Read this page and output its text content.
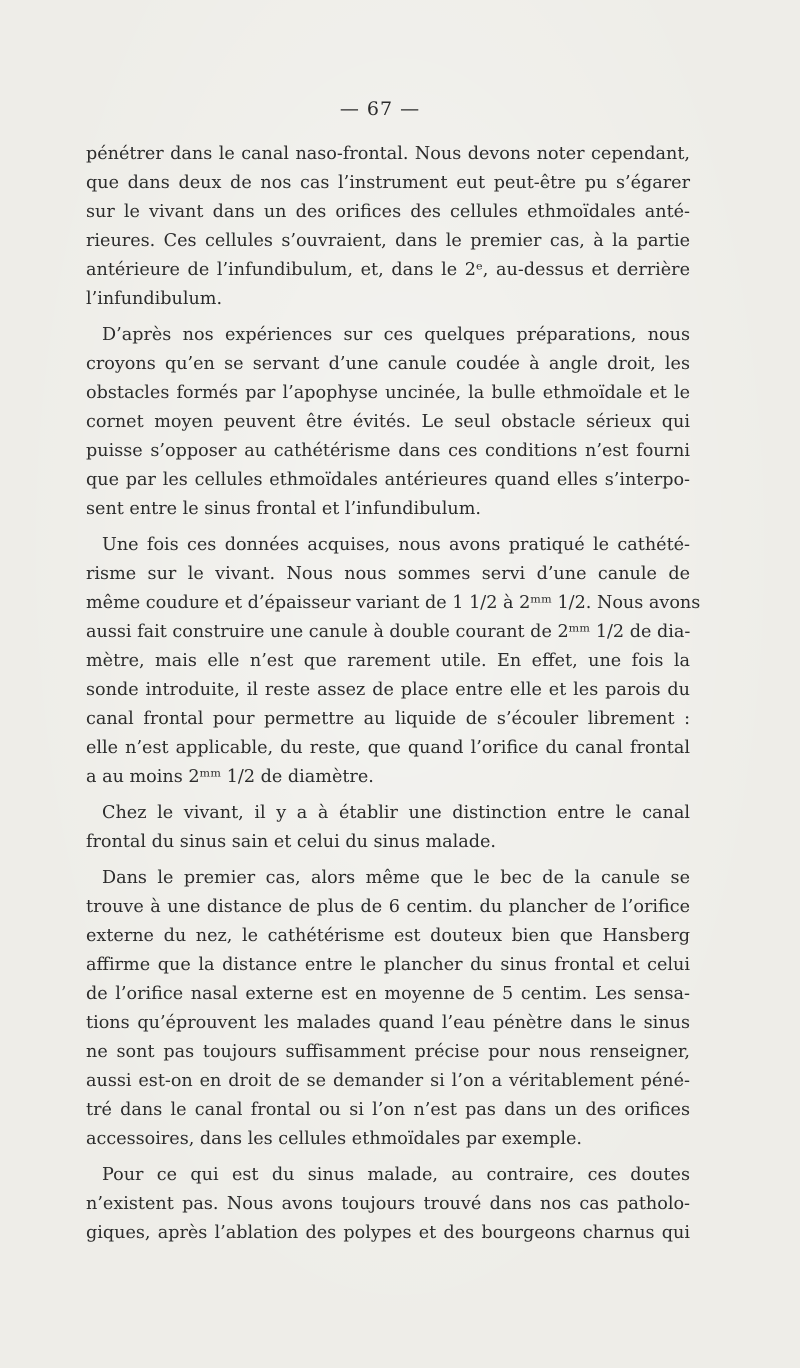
— 67 —
pénétrer dans le canal naso-frontal. Nous devons noter cependant,
que dans deux de nos cas l’instrument eut peut-être pu s’égarer
sur le vivant dans un des orifices des cellules ethmoïdales anté-
rieures. Ces cellules s’ouvraient, dans le premier cas, à la partie
antérieure de l’infundibulum, et, dans le 2ᵉ, au-dessus et derrière
l’infundibulum.
D’après nos expériences sur ces quelques préparations, nous
croyons qu’en se servant d’une canule coudée à angle droit, les
obstacles formés par l’apophyse uncinée, la bulle ethmoïdale et le
cornet moyen peuvent être évités. Le seul obstacle sérieux qui
puisse s’opposer au cathétérisme dans ces conditions n’est fourni
que par les cellules ethmoïdales antérieures quand elles s’interpo-
sent entre le sinus frontal et l’infundibulum.
Une fois ces données acquises, nous avons pratiqué le cathété-
risme sur le vivant. Nous nous sommes servi d’une canule de
même coudure et d’épaisseur variant de 1 1/2 à 2ᵐᵐ 1/2. Nous avons
aussi fait construire une canule à double courant de 2ᵐᵐ 1/2 de dia-
mètre, mais elle n’est que rarement utile. En effet, une fois la
sonde introduite, il reste assez de place entre elle et les parois du
canal frontal pour permettre au liquide de s’écouler librement :
elle n’est applicable, du reste, que quand l’orifice du canal frontal
a au moins 2ᵐᵐ 1/2 de diamètre.
Chez le vivant, il y a à établir une distinction entre le canal
frontal du sinus sain et celui du sinus malade.
Dans le premier cas, alors même que le bec de la canule se
trouve à une distance de plus de 6 centim. du plancher de l’orifice
externe du nez, le cathétérisme est douteux bien que Hansberg
affirme que la distance entre le plancher du sinus frontal et celui
de l’orifice nasal externe est en moyenne de 5 centim. Les sensa-
tions qu’éprouvent les malades quand l’eau pénètre dans le sinus
ne sont pas toujours suffisamment précise pour nous renseigner,
aussi est-on en droit de se demander si l’on a véritablement péné-
tré dans le canal frontal ou si l’on n’est pas dans un des orifices
accessoires, dans les cellules ethmoïdales par exemple.
Pour ce qui est du sinus malade, au contraire, ces doutes
n’existent pas. Nous avons toujours trouvé dans nos cas patholo-
giques, après l’ablation des polypes et des bourgeons charnus qui
